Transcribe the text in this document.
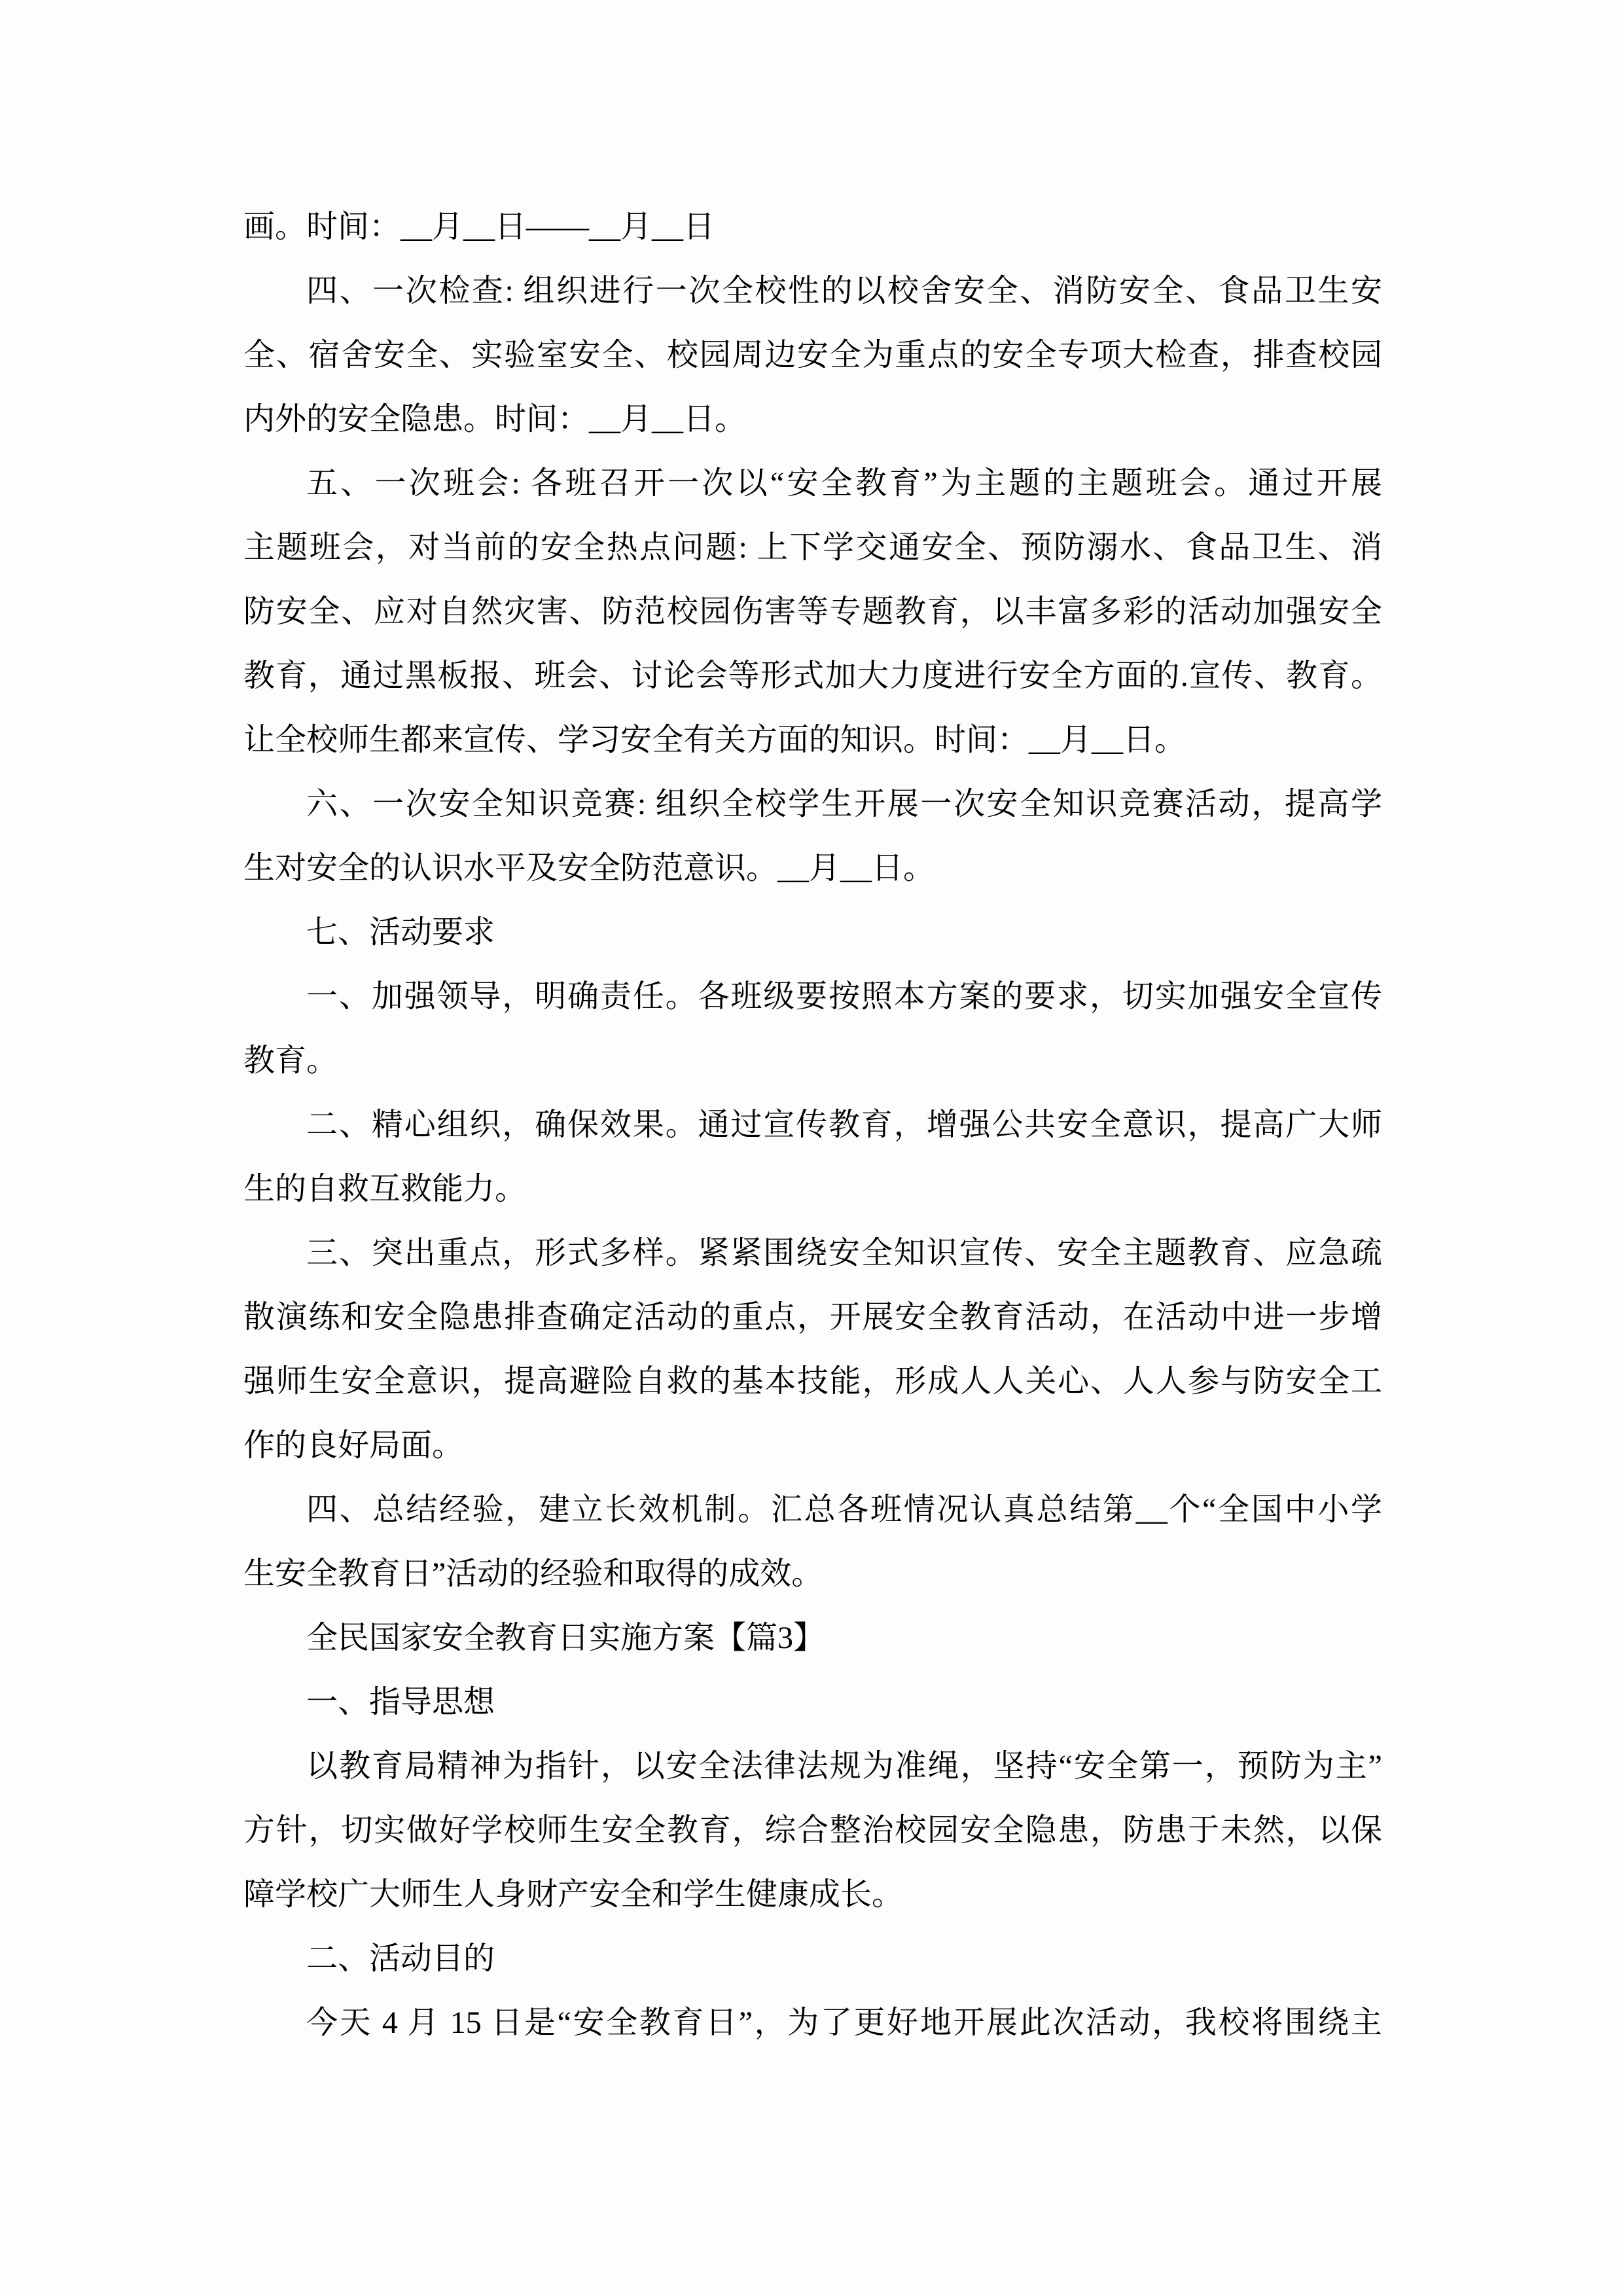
画。时间：__月__日——__月__日
四、一次检查: 组织进行一次全校性的以校舍安全、消防安全、食品卫生安
全、宿舍安全、实验室安全、校园周边安全为重点的安全专项大检查，排查校园
内外的安全隐患。时间：__月__日。
五、一次班会: 各班召开一次以“安全教育”为主题的主题班会。通过开展
主题班会，对当前的安全热点问题: 上下学交通安全、预防溺水、食品卫生、消
防安全、应对自然灾害、防范校园伤害等专题教育，以丰富多彩的活动加强安全
教育，通过黑板报、班会、讨论会等形式加大力度进行安全方面的.宣传、教育。
让全校师生都来宣传、学习安全有关方面的知识。时间：__月__日。
六、一次安全知识竞赛: 组织全校学生开展一次安全知识竞赛活动，提高学
生对安全的认识水平及安全防范意识。__月__日。
七、活动要求
一、加强领导，明确责任。各班级要按照本方案的要求，切实加强安全宣传
教育。
二、精心组织，确保效果。通过宣传教育，增强公共安全意识，提高广大师
生的自救互救能力。
三、突出重点，形式多样。紧紧围绕安全知识宣传、安全主题教育、应急疏
散演练和安全隐患排查确定活动的重点，开展安全教育活动，在活动中进一步增
强师生安全意识，提高避险自救的基本技能，形成人人关心、人人参与防安全工
作的良好局面。
四、总结经验，建立长效机制。汇总各班情况认真总结第__个“全国中小学
生安全教育日”活动的经验和取得的成效。
全民国家安全教育日实施方案【篇3】
一、指导思想
以教育局精神为指针，以安全法律法规为准绳，坚持“安全第一，预防为主”
方针，切实做好学校师生安全教育，综合整治校园安全隐患，防患于未然，以保
障学校广大师生人身财产安全和学生健康成长。
二、活动目的
今天 4 月 15 日是“安全教育日”，为了更好地开展此次活动，我校将围绕主
